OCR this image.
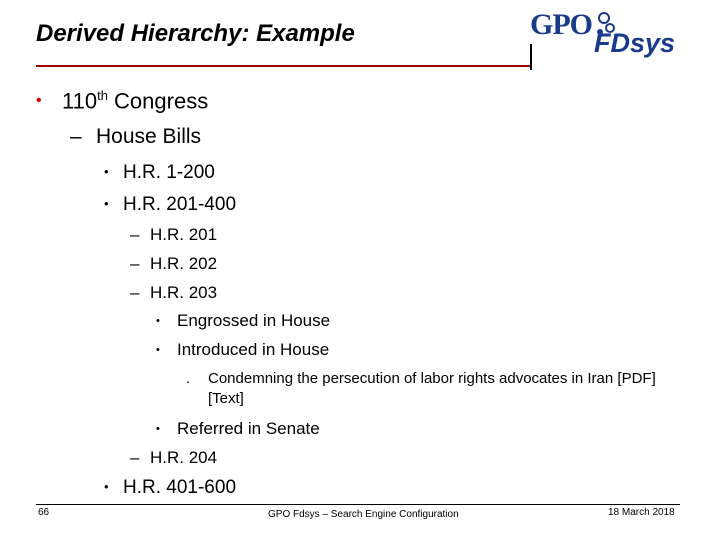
Derived Hierarchy: Example	GPO
FDsys
• 110th Congress
– House Bills
• H.R. 1-200
• H.R. 201-400
– H.R. 201
– H.R. 202
– H.R. 203
• Engrossed in House
• Introduced in House
.	Condemning the persecution of labor rights advocates in Iran [PDF] [Text]
• Referred in Senate
– H.R. 204
• H.R. 401-600
66	GPO Fdsys – Search Engine Configuration	18 March 2018
